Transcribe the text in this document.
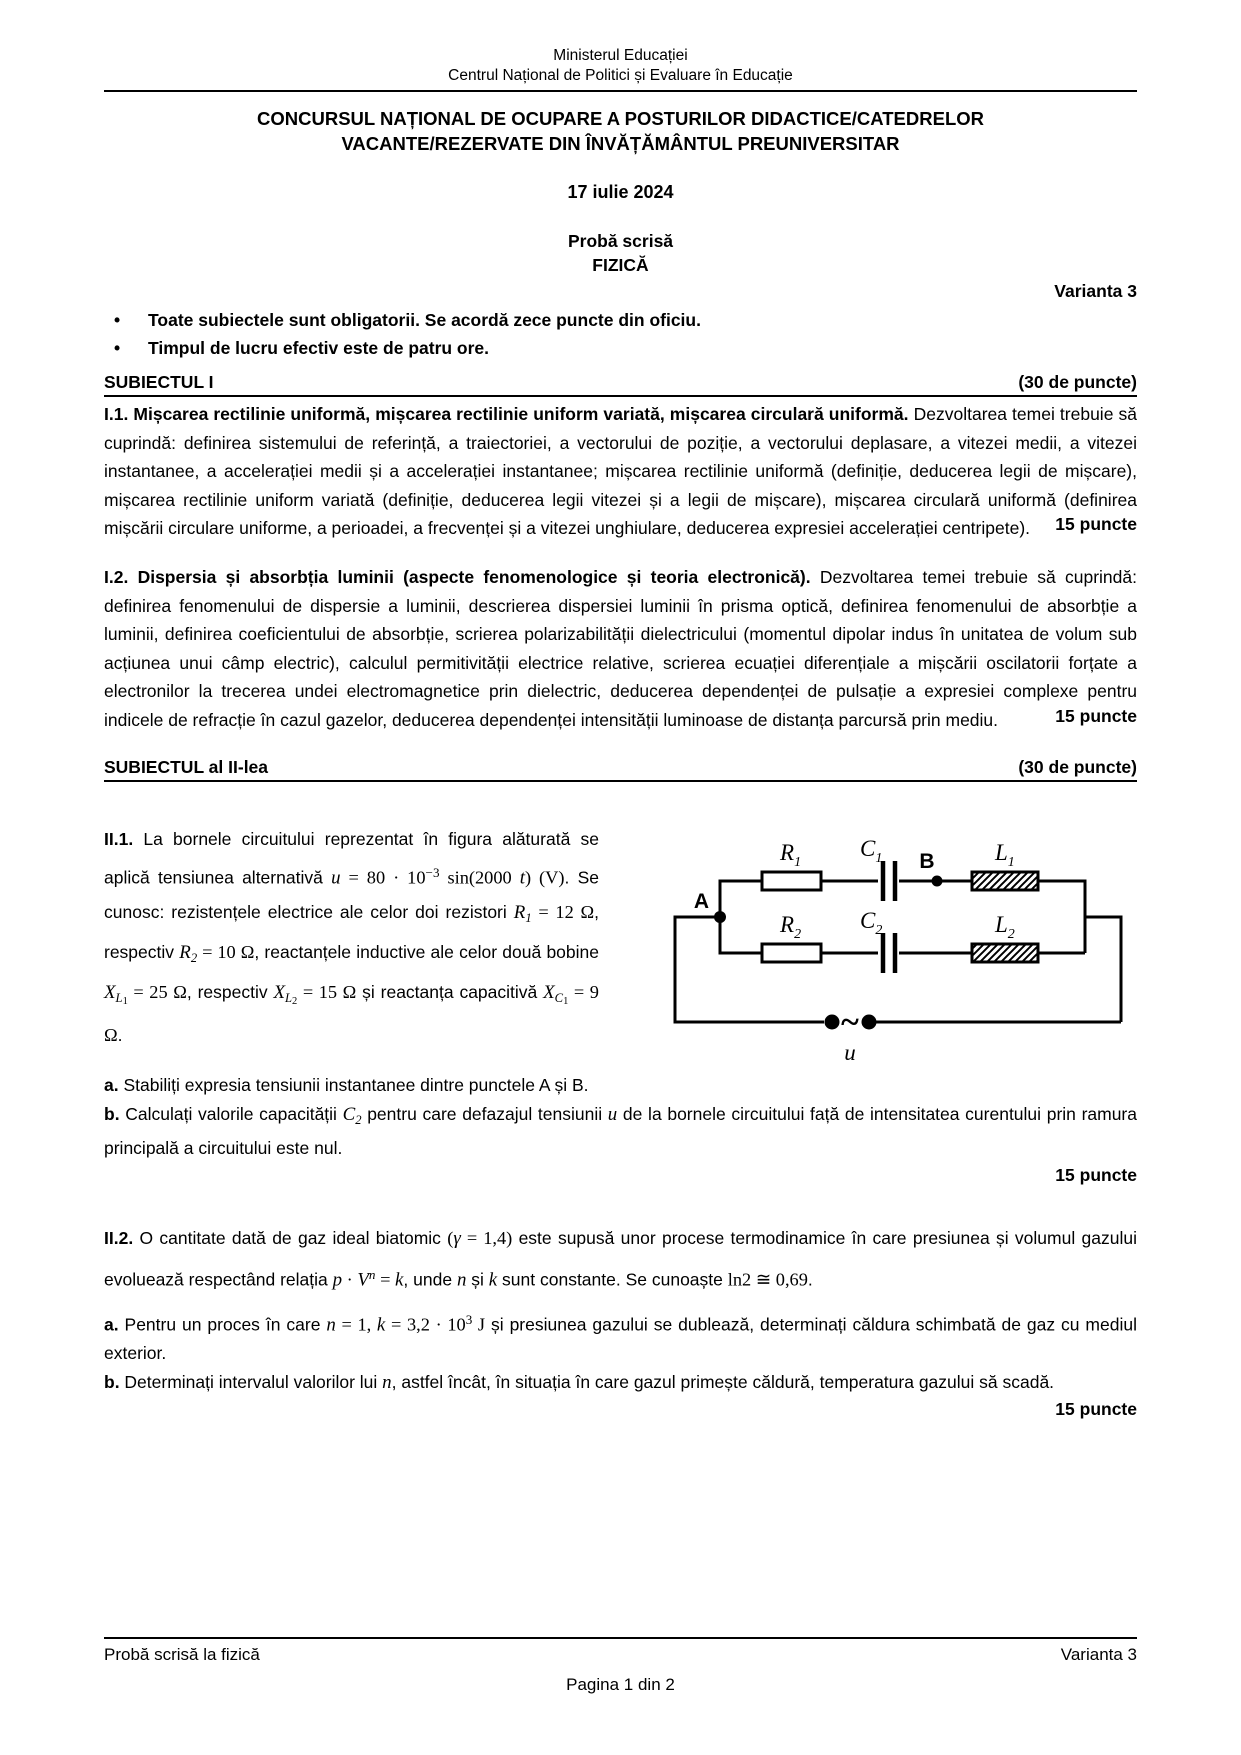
Ministerul Educației
Centrul Național de Politici și Evaluare în Educație
CONCURSUL NAȚIONAL DE OCUPARE A POSTURILOR DIDACTICE/CATEDRELOR
VACANTE/REZERVATE DIN ÎNVĂȚĂMÂNTUL PREUNIVERSITAR
17 iulie 2024
Probă scrisă
FIZICĂ
Varianta 3
• Toate subiectele sunt obligatorii. Se acordă zece puncte din oficiu.
• Timpul de lucru efectiv este de patru ore.
SUBIECTUL I	(30 de puncte)

I.1. Mișcarea rectilinie uniformă, mișcarea rectilinie uniform variată, mișcarea circulară uniformă. Dezvoltarea temei trebuie să cuprindă: definirea sistemului de referință, a traiectoriei, a vectorului de poziție, a vectorului deplasare, a vitezei medii, a vitezei instantanee, a accelerației medii și a accelerației instantanee; mișcarea rectilinie uniformă (definiție, deducerea legii de mișcare), mișcarea rectilinie uniform variată (definiție, deducerea legii vitezei și a legii de mișcare), mișcarea circulară uniformă (definirea mișcării circulare uniforme, a perioadei, a frecvenței și a vitezei unghiulare, deducerea expresiei accelerației centripete).	15 puncte

I.2. Dispersia și absorbția luminii (aspecte fenomenologice și teoria electronică). Dezvoltarea temei trebuie să cuprindă: definirea fenomenului de dispersie a luminii, descrierea dispersiei luminii în prisma optică, definirea fenomenului de absorbție a luminii, definirea coeficientului de absorbție, scrierea polarizabilității dielectricului (momentul dipolar indus în unitatea de volum sub acțiunea unui câmp electric), calculul permitivității electrice relative, scrierea ecuației diferențiale a mișcării oscilatorii forțate a electronilor la trecerea undei electromagnetice prin dielectric, deducerea dependenței de pulsație a expresiei complexe pentru indicele de refracție în cazul gazelor, deducerea dependenței intensității luminoase de distanța parcursă prin mediu.	15 puncte
SUBIECTUL al II-lea	(30 de puncte)
II.1. La bornele circuitului reprezentat în figura alăturată se aplică tensiunea alternativă $u = 80 \cdot 10^{-3}$ sin(2000 t) (V). Se cunosc: rezistențele electrice ale celor doi rezistori $R_1 = 12$ Ω, respectiv $R_2 = 10$ Ω, reactanțele inductive ale celor două bobine $X_{L1} = 25$ Ω, respectiv $X_{L2} = 15$ Ω și reactanța capacitivă $X_{C1} = 9$ Ω.
A
B
$R_1$
$R_2$
$C_1$
$C_2$
$L_1$
$L_2$
~
u

a. Stabiliți expresia tensiunii instantanee dintre punctele A și B.

b. Calculați valorile capacității $C_2$ pentru care defazajul tensiunii u de la bornele circuitului față de intensitatea curentului prin ramura principală a circuitului este nul.

15 puncte

II.2. O cantitate dată de gaz ideal biatomic (γ = 1,4) este supusă unor procese termodinamice în care presiunea și volumul gazului evoluează respectând relația $p \cdot V^n = k$, unde n și k sunt constante. Se cunoaște ln2 ≅ 0,69.

a. Pentru un proces în care n = 1, $k = 3,2 \cdot 10^3$ J și presiunea gazului se dublează, determinați căldura schimbată de gaz cu mediul exterior.

b. Determinați intervalul valorilor lui n, astfel încât, în situația în care gazul primește căldură, temperatura gazului să scadă.

15 puncte
Probă scrisă la fizică	Varianta 3
Pagina 1 din 2
